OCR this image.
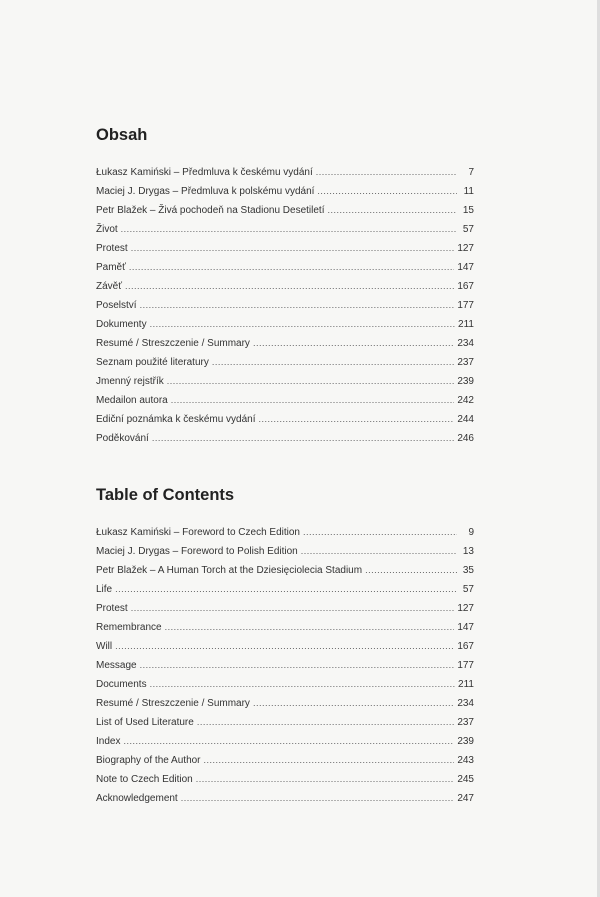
Obsah
Łukasz Kamiński – Předmluva k českému vydání .....	7
Maciej J. Drygas – Předmluva k polskému vydání .....	11
Petr Blažek – Živá pochodeň na Stadionu Desetiletí .....	15
Život .....	57
Protest .....	127
Paměť .....	147
Závěť .....	167
Poselství .....	177
Dokumenty .....	211
Resumé / Streszczenie / Summary .....	234
Seznam použité literatury .....	237
Jmenný rejstřík .....	239
Medailon autora .....	242
Ediční poznámka k českému vydání .....	244
Poděkování .....	246
Table of Contents
Łukasz Kamiński – Foreword to Czech Edition .....	9
Maciej J. Drygas – Foreword to Polish Edition .....	13
Petr Blažek – A Human Torch at the Dziesięciolecia Stadium .....	35
Life .....	57
Protest .....	127
Remembrance .....	147
Will .....	167
Message .....	177
Documents .....	211
Resumé / Streszczenie / Summary .....	234
List of Used Literature .....	237
Index .....	239
Biography of the Author .....	243
Note to Czech Edition .....	245
Acknowledgement .....	247
